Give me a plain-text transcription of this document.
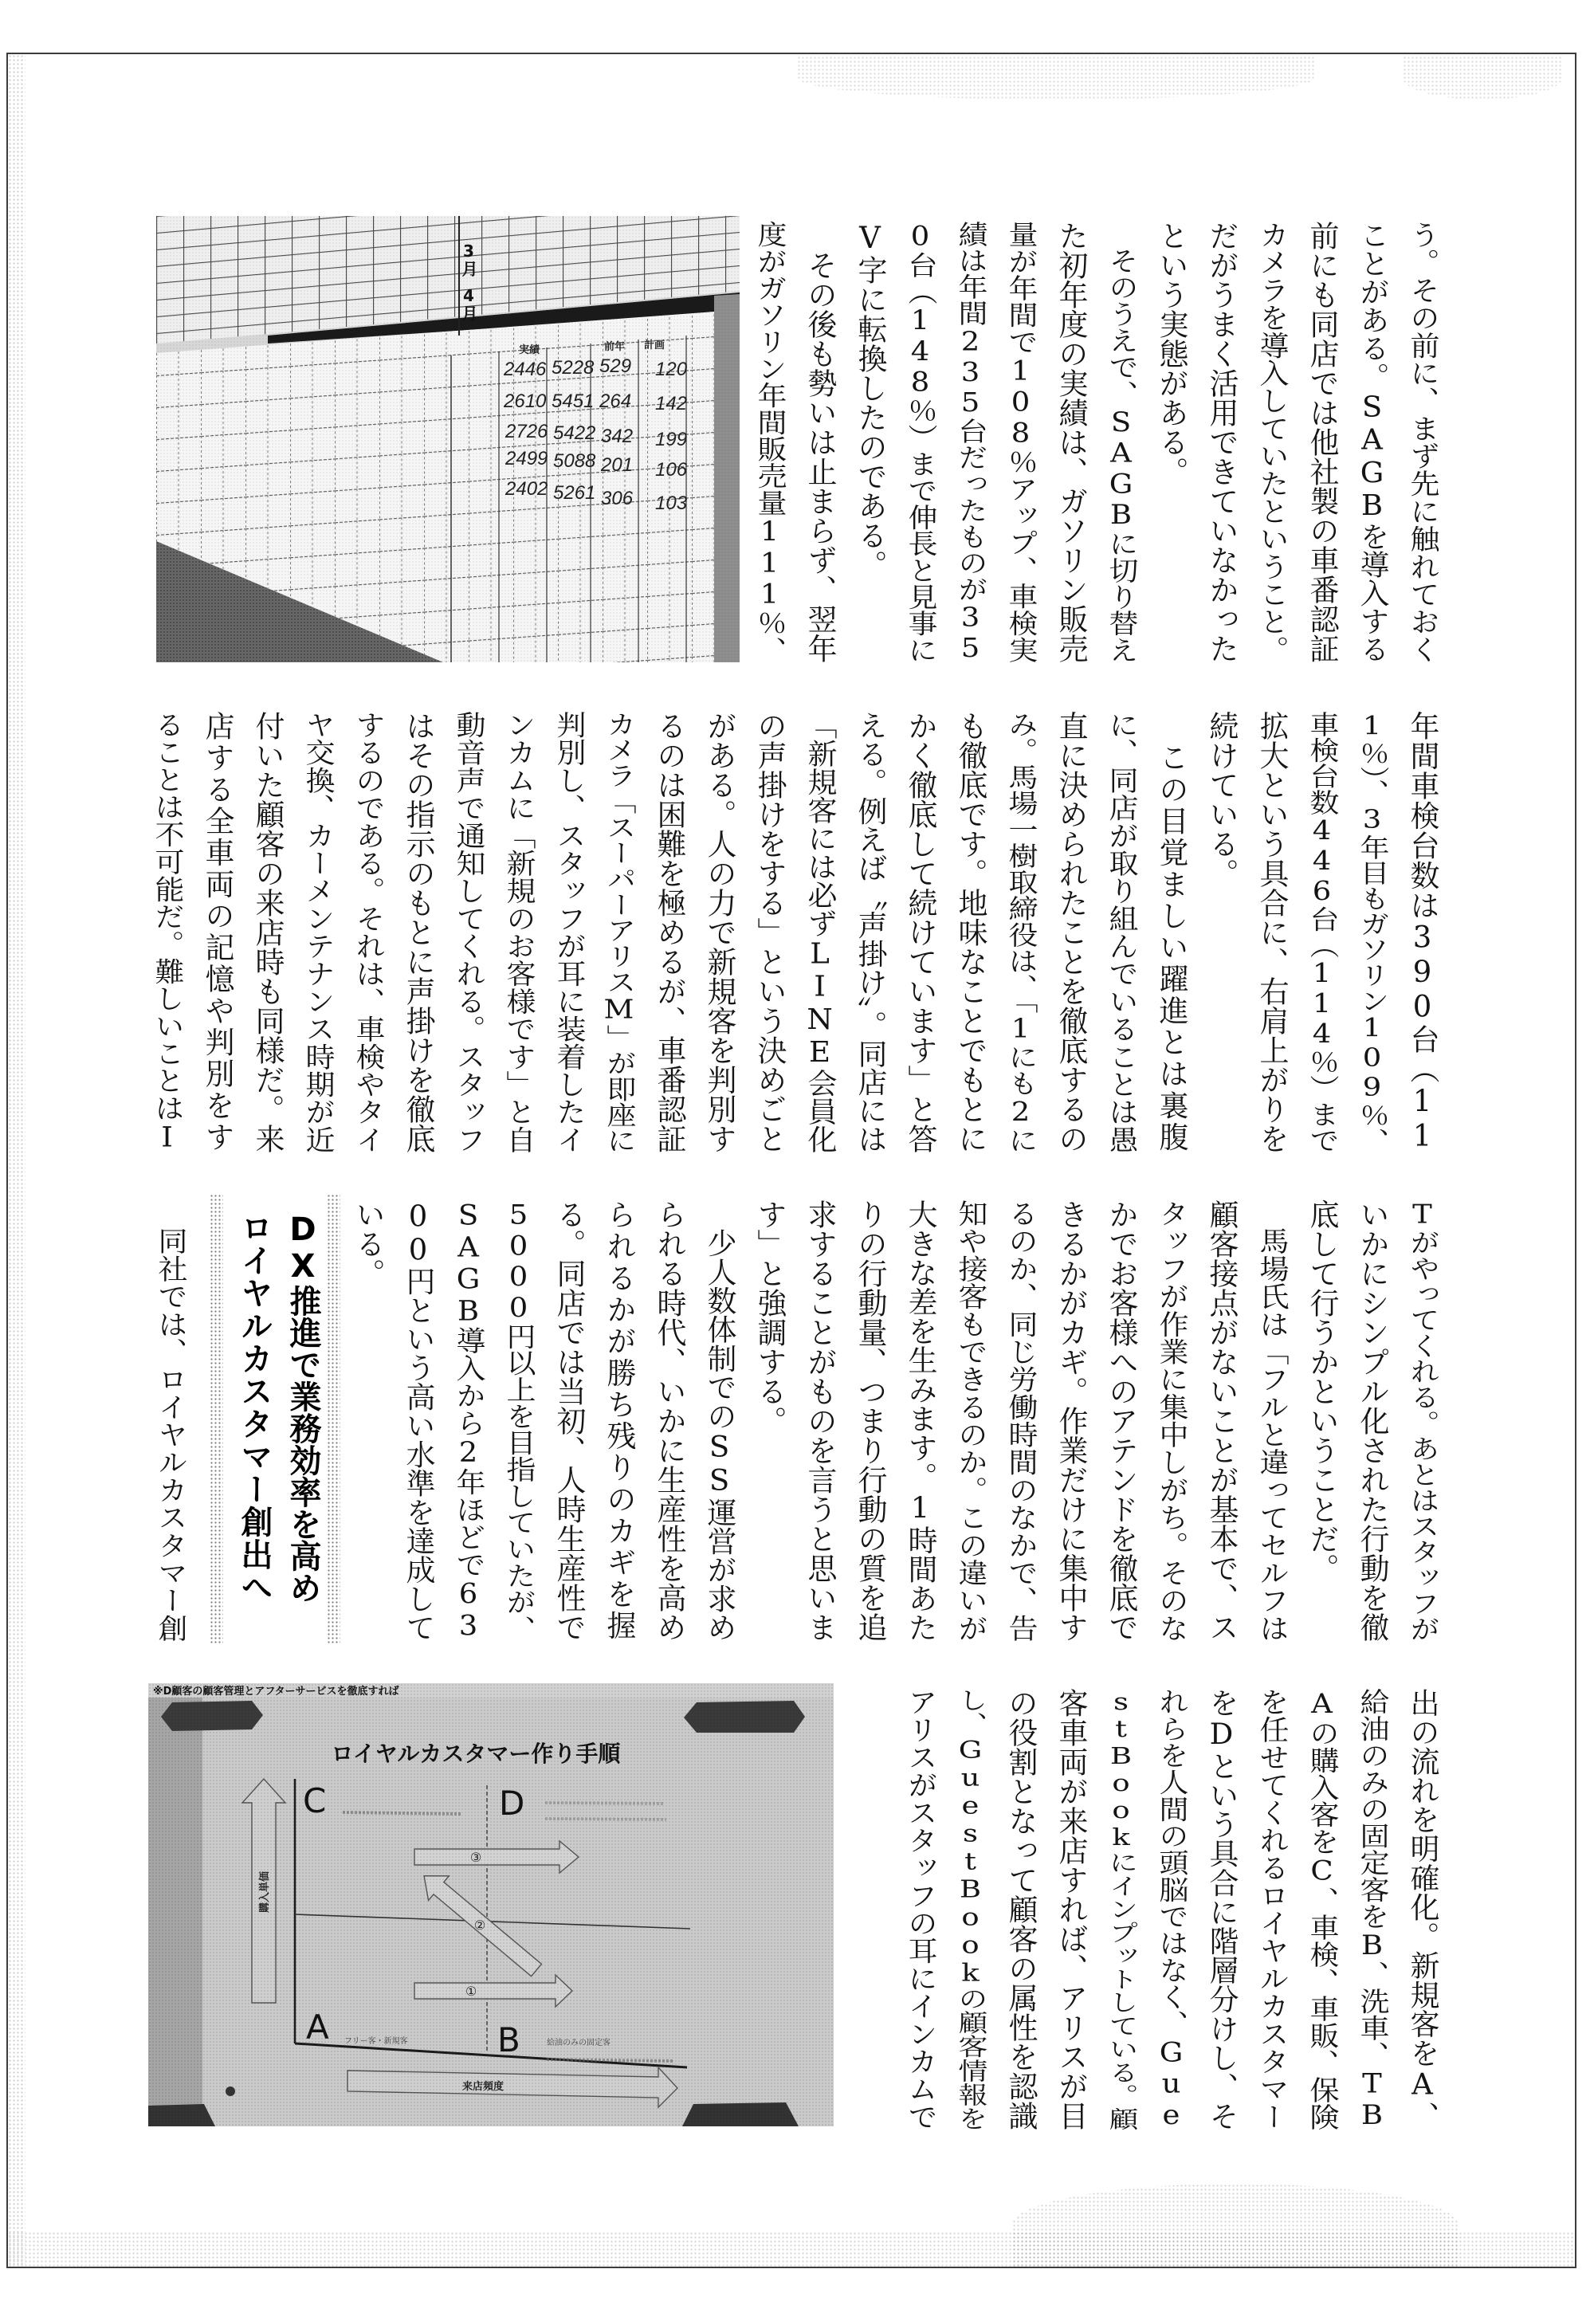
3月
4月
実績	前年 計画
2446 5228 529 120
2610 5451 264 142
2726 5422 342 199
2499 5088 201 106
2402 5261 306 103	う。その前に、まず先に触れておく
ことがある。SAGBを導入する
前にも同店では他社製の車番認証
カメラを導入していたということ。
だがうまく活用できていなかった
という実態がある。
　そのうえで、SAGBに切り替え
た初年度の実績は、ガソリン販売
量が年間で108％アップ、車検実
績は年間235台だったものが35
0台（148％）まで伸長と見事に
V字に転換したのである。
　その後も勢いは止まらず、翌年
度がガソリン年間販売量111％、
年間車検台数は390台（11
1％）、3年目もガソリン109％、
車検台数446台（114％）まで
拡大という具合に、右肩上がりを
続けている。
　この目覚ましい躍進とは裏腹
に、同店が取り組んでいることは愚
直に決められたことを徹底するの
み。馬場一樹取締役は、「1にも2に
も徹底です。地味なことでもとに
かく徹底して続けています」と答
える。例えば〝声掛け〟。同店には
「新規客には必ずLINE会員化
の声掛けをする」という決めごと
がある。人の力で新規客を判別す
るのは困難を極めるが、車番認証
カメラ「スーパーアリスM」が即座に
判別し、スタッフが耳に装着したイ
ンカムに「新規のお客様です」と自
動音声で通知してくれる。スタッフ
はその指示のもとに声掛けを徹底
するのである。それは、車検やタイ
ヤ交換、カーメンテナンス時期が近
付いた顧客の来店時も同様だ。来
店する全車両の記憶や判別をす
ることは不可能だ。難しいことはI
Tがやってくれる。あとはスタッフが
いかにシンプル化された行動を徹
底して行うかということだ。
　馬場氏は「フルと違ってセルフは
顧客接点がないことが基本で、ス
タッフが作業に集中しがち。そのな
かでお客様へのアテンドを徹底で
きるかがカギ。作業だけに集中す
るのか、同じ労働時間のなかで、告
知や接客もできるのか。この違いが
大きな差を生みます。1時間あた
りの行動量、つまり行動の質を追
求することがものを言うと思いま
す」と強調する。
　少人数体制でのSS運営が求め
られる時代、いかに生産性を高め
られるかが勝ち残りのカギを握
る。同店では当初、人時生産性で
5000円以上を目指していたが、
SAGB導入から2年ほどで63
00円という高い水準を達成して
いる。
DX推進で業務効率を高め
ロイヤルカスタマー創出へ
　同社では、ロイヤルカスタマー創
※D顧客の顧客管理とアフターサービスを徹底すれば
ロイヤルカスタマー作り手順
C	D
A	B
フリー客・新規客	給油のみの固定客
③
②
①
購入単価
来店頻度	出の流れを明確化。新規客をA、
給油のみの固定客をB、洗車、TB
Aの購入客をC、車検、車販、保険
を任せてくれるロイヤルカスタマー
をDという具合に階層分けし、そ
れらを人間の頭脳ではなく、Gue
stBookにインプットしている。顧
客車両が来店すれば、アリスが目
の役割となって顧客の属性を認識
し、GuestBookの顧客情報を
アリスがスタッフの耳にインカムで
